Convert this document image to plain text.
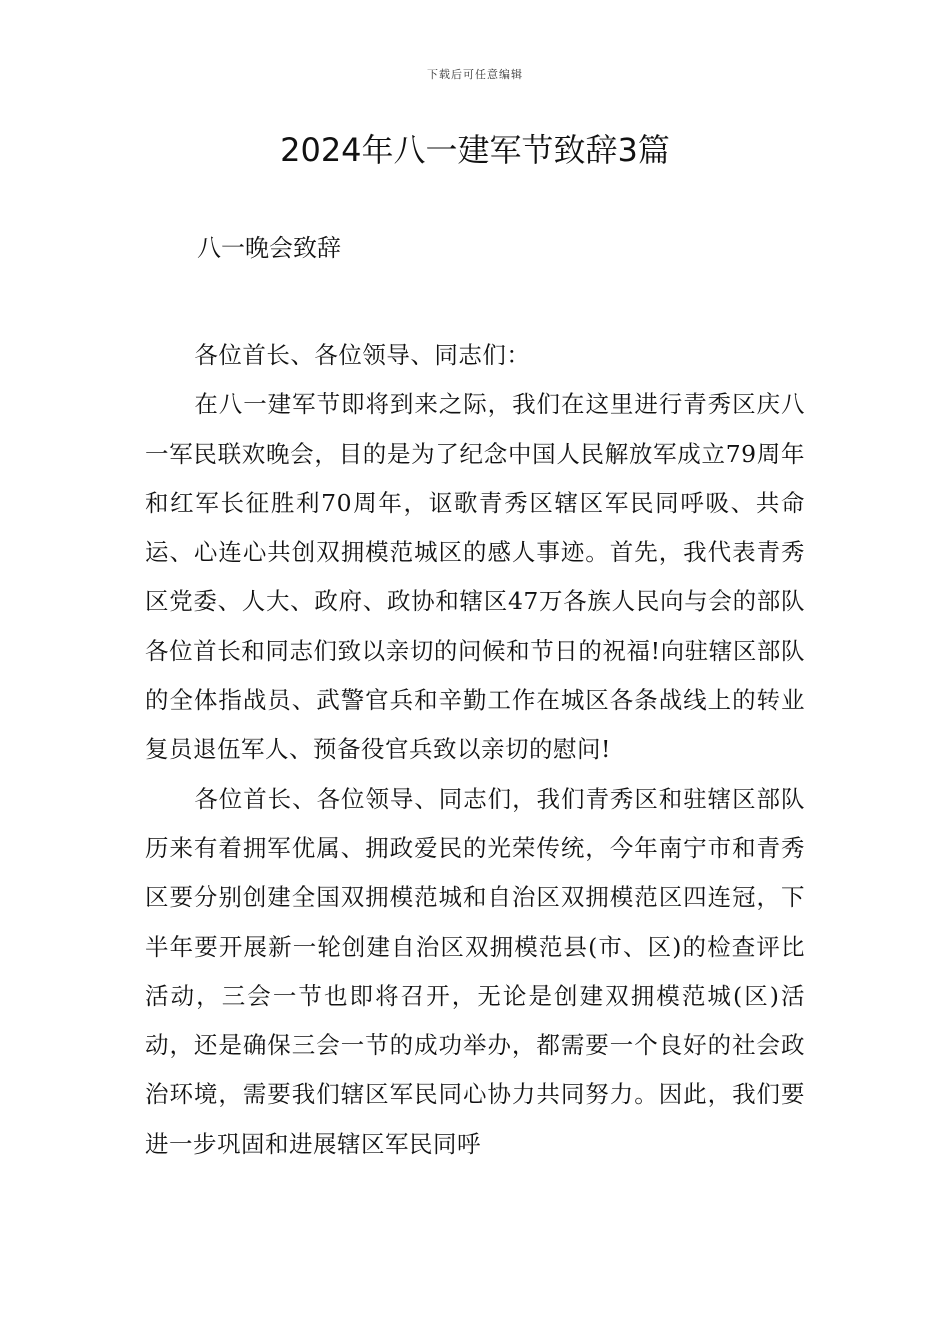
下载后可任意编辑
2024年八一建军节致辞3篇
八一晚会致辞

各位首长、各位领导、同志们：

在八一建军节即将到来之际，我们在这里进行青秀区庆八一军民联欢晚会，目的是为了纪念中国人民解放军成立79周年和红军长征胜利70周年，讴歌青秀区辖区军民同呼吸、共命运、心连心共创双拥模范城区的感人事迹。首先，我代表青秀区党委、人大、政府、政协和辖区47万各族人民向与会的部队各位首长和同志们致以亲切的问候和节日的祝福!向驻辖区部队的全体指战员、武警官兵和辛勤工作在城区各条战线上的转业复员退伍军人、预备役官兵致以亲切的慰问!

各位首长、各位领导、同志们，我们青秀区和驻辖区部队历来有着拥军优属、拥政爱民的光荣传统，今年南宁市和青秀区要分别创建全国双拥模范城和自治区双拥模范区四连冠，下半年要开展新一轮创建自治区双拥模范县(市、区)的检查评比活动，三会一节也即将召开，无论是创建双拥模范城(区)活动，还是确保三会一节的成功举办，都需要一个良好的社会政治环境，需要我们辖区军民同心协力共同努力。因此，我们要进一步巩固和进展辖区军民同呼
